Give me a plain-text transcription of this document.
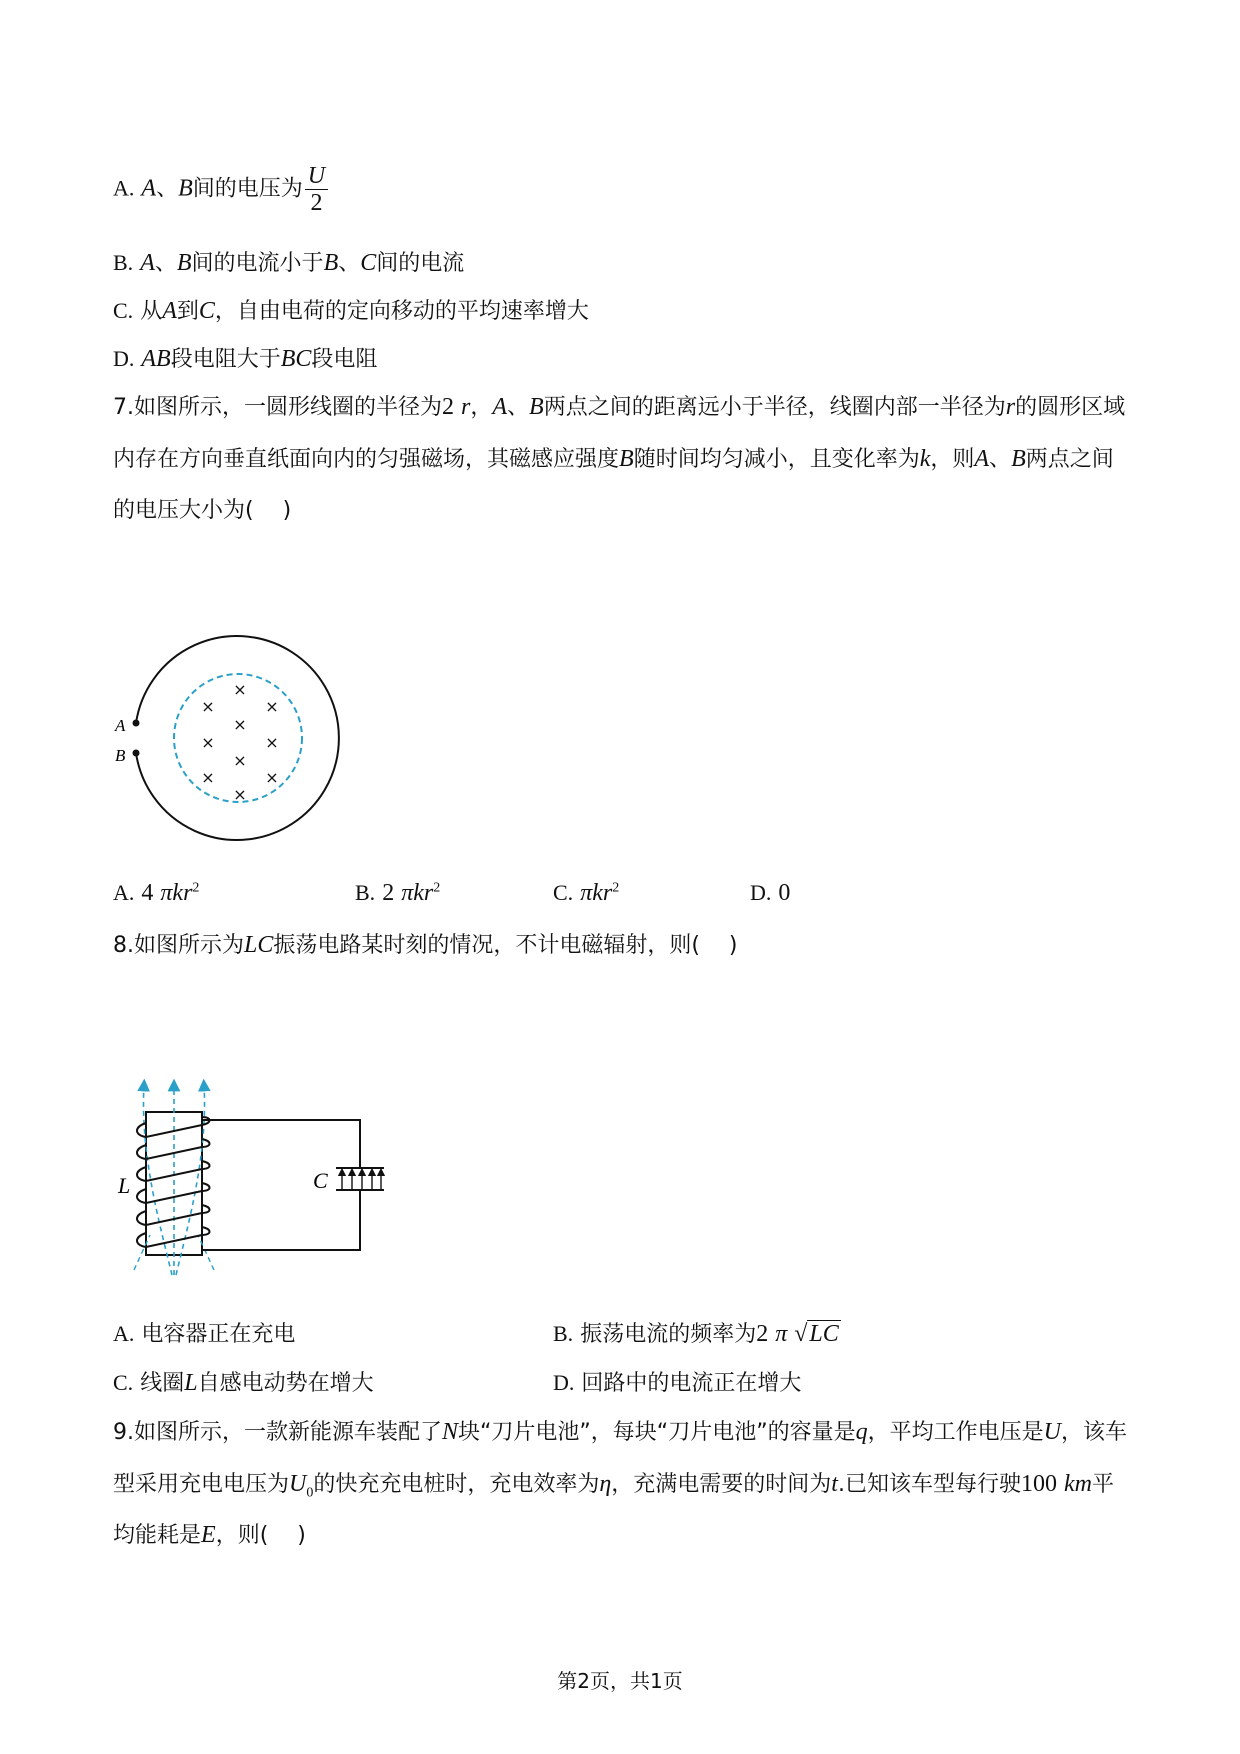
A. A、B间的电压为 $\frac{U}{2}$
B. A、B间的电流小于B、C间的电流
C. 从A到C，自由电荷的定向移动的平均速率增大
D. AB段电阻大于BC段电阻
7.如图所示，一圆形线圈的半径为2 r，A、B两点之间的距离远小于半径，线圈内部一半径为r的圆形区域
内存在方向垂直纸面向内的匀强磁场，其磁感应强度B随时间均匀减小，且变化率为k，则A、B两点之间
的电压大小为(　 )
A
B
×
×	×
×
×	×
×
×	×
×
A. 4 πkr$^2$	B. 2 πkr$^2$	C. πkr$^2$	D. 0
8.如图所示为LC振荡电路某时刻的情况，不计电磁辐射，则(　 )
L	C
A. 电容器正在充电	B. 振荡电流的频率为2 π √LC
C. 线圈L自感电动势在增大	D. 回路中的电流正在增大
9.如图所示，一款新能源车装配了N块“刀片电池”，每块“刀片电池”的容量是q，平均工作电压是U，该车
型采用充电电压为$U_0$的快充充电桩时，充电效率为η，充满电需要的时间为t.已知该车型每行驶100 km平
均能耗是E，则(　 )
第2页，共1页
